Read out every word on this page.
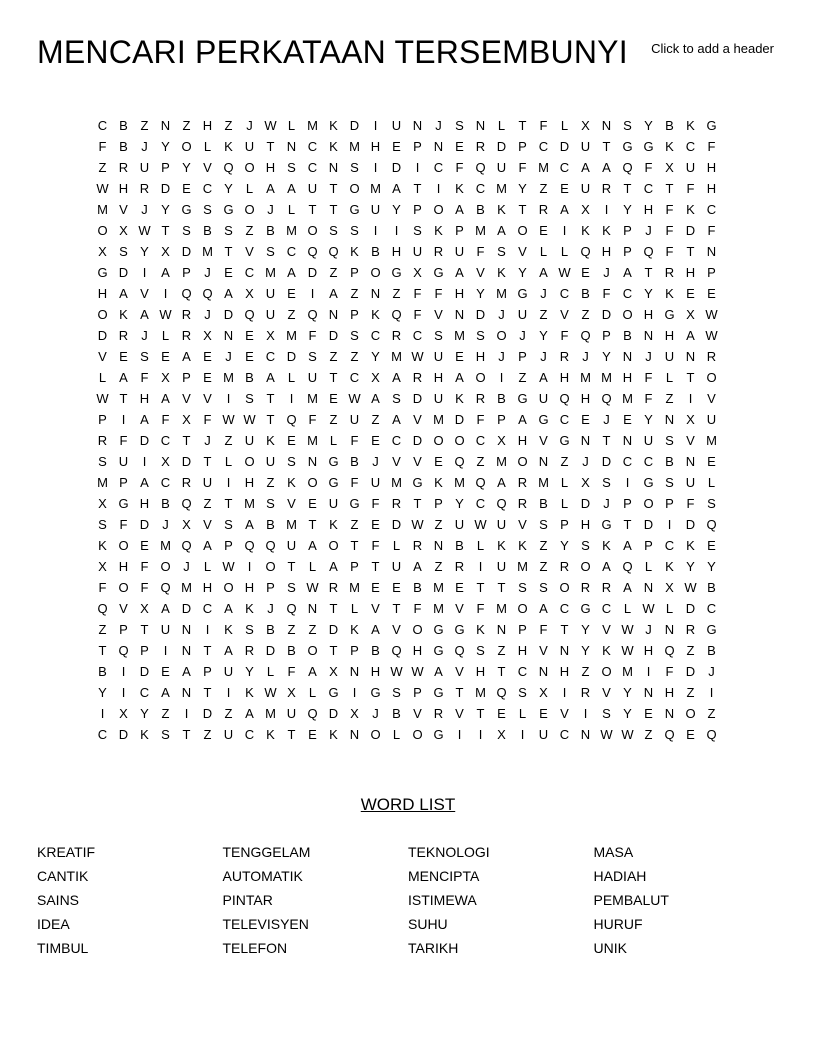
MENCARI PERKATAAN TERSEMBUNYI Click to add a header
C B Z N Z H Z	J W L M K D	I	U N	J	S N L	T	F	L	X N S Y B K G
F B	J	Y O L	K U T N C K M H E P N E R D P C D U T G G K C F
Z R U P Y V Q O H S C N S	I	D	I	C F Q U F M C A A Q F X U H
W H R D E C Y	L	A A U T O M A T	I	K C M Y Z E U R T C T	F H
M V	J	Y G S G O J	L	T	T G U Y P O A B K T R A X	I	Y H F K C
O X W T S B S Z B M O S S	I	I	S K P M A O E	I	K K P	J	F D F
X S Y X D M T V S C Q Q K B H U R U F S V	L	L Q H P Q F	T N
G D	I	A P	J	E C M A D Z P O G X G A V K Y A W E	J	A T R H P
H A V	I	Q Q A X U E	I	A Z N Z	F	F H Y M G J	C B F C Y K E E
O K A W R	J	D Q U Z Q N P K Q F V N D	J	U Z V Z D O H G X W
D R	J	L R X N E X M F D S C R C S M S O J	Y F Q P B N H A W
V E S E A E	J	E C D S Z	Z Y M W U E H	J	P	J	R	J	Y N	J	U N R
L	A F X P E M B A	L U T C X A R H A O	I	Z A H M M H F	L	T O
W T H A V V	I	S T	I	M E W A S D U K R B G U Q H Q M F	Z	I	V
P	I	A F X F W W T Q F	Z U Z A V M D F P A G C E	J	E Y N X U
R F D C T	J	Z U K E M L	F E C D O O C X H V G N T N U S V M
S U	I	X D T	L O U S N G B	J	V V E Q Z M O N Z	J	D C C B N E
M P A C R U	I	H Z K O G F U M G K M Q A R M L	X S	I	G S U L
X G H B Q Z	T M S V E U G F R T P Y C Q R B	L D	J	P O P F S
S F D	J	X V S A B M T K Z E D W Z U W U V S P H G T D	I	D Q
K O E M Q A P Q Q U A O T	F	L R N B	L	K K Z Y S K A P C K E
X H F O J	L W	I	O T	L	A P T U A Z R	I	U M Z R O A Q L	K Y Y
F O F Q M H O H P S W R M E E B M E T	T S S O R R A N X W B
Q V X A D C A K	J Q N T	L	V T	F M V F M O A C G C L W L D C
Z P T U N	I	K S B Z	Z D K A V O G G K N P F	T Y V W J	N R G
T Q P	I	N T A R D B O T P B Q H G Q S Z H V N Y K W H Q Z B
B	I	D E A P U Y	L	F A X N H W W A V H T C N H Z O M	I	F D	J
Y	I	C A N T	I	K W X	L G	I	G S P G T M Q S X	I	R V Y N H Z	I
I	X Y Z	I	D Z A M U Q D X	J	B V R V T E	L	E V	I	S Y E N O Z
C D K S T	Z U C K T E K N O L O G	I	I	X	I	U C N W W Z Q E Q
WORD LIST
KREATIF	TENGGELAM	TEKNOLOGI	MASA
CANTIK	AUTOMATIK	MENCIPTA	HADIAH
SAINS	PINTAR	ISTIMEWA	PEMBALUT
IDEA	TELEVISYEN	SUHU	HURUF
TIMBUL	TELEFON	TARIKH	UNIK
